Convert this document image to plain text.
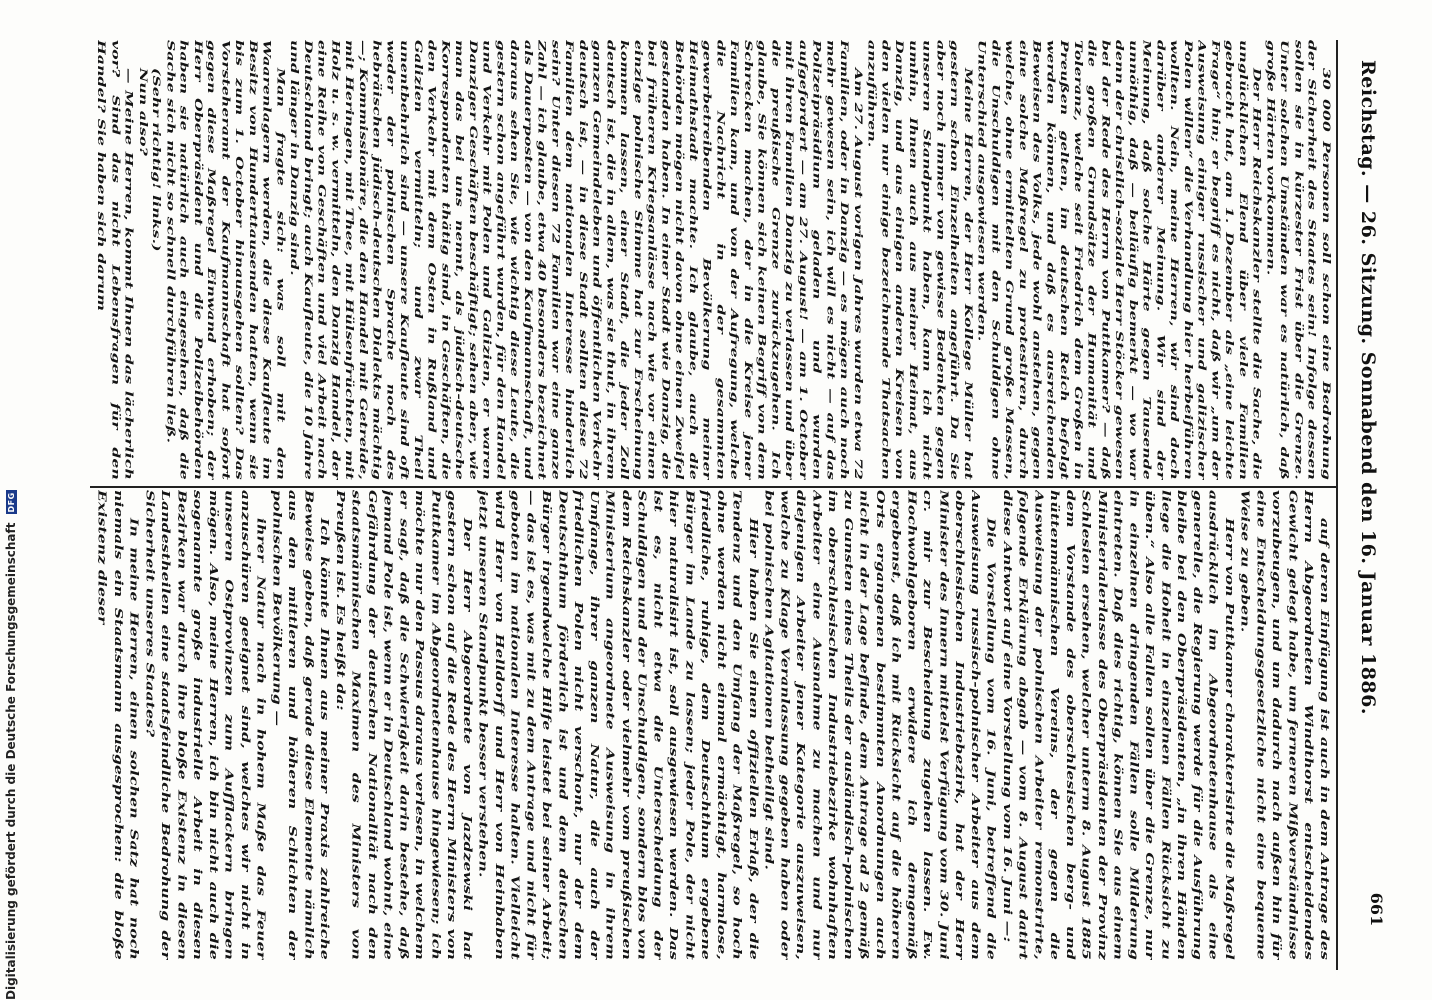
Digitalisierung gefördert durch die Deutsche Forschungsgemeinschaft DFG	Reichstag. — 26. Sitzung. Sonnabend den 16. Januar 1886.
661

auf deren Einfügung ist auch in dem Antrage des Herrn Abgeordneten Windthorst entscheidendes Gewicht gelegt habe, um ferneren Mißverständnisse vorzubeugen, und um dadurch nach außen hin für eine Entscheidungsgesetzliche nicht eine bequeme Weise zu geben.

Herr von Puttkamer charakterisirte die Maßregel ausdrücklich im Abgeordnetenhause als eine generelle, die Regierung werde für die Ausführung bleibe bei den Oberpräsidenten, „in ihren Händen liege die Hoheit in einzelnen Fällen Rücksicht zu üben.“ Also alle Fallen sollen über die Grenze, nur in einzelnen dringenden Fällen solle Milderung eintreten. Daß dies richtig, können Sie aus einem Ministerialerlasse des Oberpräsidenten der Provinz Schlesien ersehen, welcher unterm 8. August 1885 dem Vorstande des oberschlesischen berg- und hüttenmännischen Vereins, der gegen die Ausweisung der polnischen Arbeiter remonstrirte, folgende Erklärung abgab — vom 8. August datirt diese Antwort auf eine Vorstellung vom 16. Juni —:

Die Vorstellung vom 16. Juni, betreffend die Ausweisung russisch-polnischer Arbeiter aus dem oberschlesischen Industriebezirk, hat der Herr Minister des Innern mittelst Verfügung vom 30. Juni cr. mir zur Bescheidung zugehen lassen. Ew. Hochwohlgeboren erwidere ich demgemäß ergebenst, daß ich mit Rücksicht auf die höheren Orts ergangenen bestimmten Anordnungen auch nicht in der Lage befinde, dem Antrage ad 2 gemäß zu Gunsten eines Theils der ausländisch-polnischen im oberschlesischen Industriebezirke wohnhaften Arbeiter eine Ausnahme zu machen und nur diejenigen Arbeiter jener Kategorie auszuweisen, welche zu Klage Veranlassung gegeben haben oder bei polnischen Agitationen betheiligt sind.

Hier haben Sie einen offiziellen Erlaß, der die Tendenz und den Umfang der Maßregel, so hoch ohne werden nicht einmal ermächtigt, harmlose, friedliche, ruhige, dem Deutschthum ergebene Bürger im Lande zu lassen; jeder Pole, der nicht hier naturalisirt ist, soll ausgewiesen werden. Das ist es, nicht etwa die Unterscheidung der Schuldigen und der Unschuldigen, sondern blos von dem Reichskanzler oder vielmehr vom preußischen Ministerium angeordnete Ausweisung in ihrem Umfange, ihrer ganzen Natur, die auch der friedlichen Polen nicht verschont, nur der dem Deutschthum förderlich ist und dem deutschen Bürger irgendwelche Hilfe leistet bei seiner Arbeit; — das ist es, was mit zu dem Antrage und nicht für geboten im nationalen Interesse halten. Vielleicht wird Herr von Helldorff und Herr von Heinbaben jetzt unseren Standpunkt besser verstehen.

Der Herr Abgeordnete von Jazdzewski hat gestern schon auf die Rede des Herrn Ministers von Puttkamer im Abgeordnetenhause hingewiesen; ich möchte nur den Passus daraus verlesen, in welchem er sagt, daß die Schwierigkeit darin bestehe, daß jemand Pole ist, wenn er in Deutschland wohnt, eine Gefährdung der deutschen Nationalität nach den staatsmännischen Maximen des Ministers von Preußen ist. Es heißt da:

Ich könnte Ihnen aus meiner Praxis zahlreiche Beweise geben, daß gerade diese Elemente nämlich aus den mittleren und höheren Schichten der polnischen Bevölkerung —

ihrer Natur nach in hohem Maße das Feuer anzuschüren geeignet sind, welches wir nicht in unseren Ostprovinzen zum Aufflackern bringen mögen. Also, meine Herren, ich bin nicht auch die sogenannte große industrielle Arbeit in diesen Bezirken war durch ihre bloße Existenz in diesen Landestheilen eine staatsfeindliche Bedrohung der Sicherheit unseres Staates?

In meine Herren, einen solchen Satz hat noch niemals ein Staatsmann ausgesprochen: die bloße Existenz dieser

30 000 Personen soll schon eine Bedrohung der Sicherheit des Staates sein! Infolge dessen sollen sie in kürzester Frist über die Grenze. Unter solchen Umständen war es natürlich, daß große Härten vorkommen.

Der Herr Reichskanzler stellte die Sache, die unglücklichen Elend über viele Familien gebracht hat, am 1. Dezember als „eine leichte Frage“ hin; er begriff es nicht, daß wir „um der Ausweisung einiger russischer und galizischer Polen willen“ die Verhandlung hier herbeiführen wollten. Nein, meine Herren, wir sind doch darüber anderer Meinung. Wir sind der Meinung, daß solche Härte gegen Tausende unnöthig, daß — beiläufig bemerkt — wo war denn der christlich-soziale Herr Stöcker gewesen bei der Rede des Herrn von Puttkamer? — daß die großen Grundsätze der Humanität und Toleranz, welche seit Friedrich dem Großen in Preußen gelten, im deutschen Reich befolgt werden können, und daß es ausreichenden Beweisen des Volks, jede wohl anstehen, gegen eine solche Maßregel zu protestiren, durch welche, ohne ermittelten Grund große Massen, die Unschuldigen mit den Schuldigen ohne Unterschied ausgewiesen werden.

Meine Herren, der Herr Kollege Müller hat gestern schon Einzelheiten angeführt. Da Sie aber noch immer von gewisse Bedenken gegen unseren Standpunkt haben, kann ich nicht umhin, Ihnen auch aus meiner Heimat, aus Danzig, und aus einigen anderen Kreisen von den vielen nur einige bezeichnende Thatsachen anzuführen.

Am 27. August vorigen Jahres wurden etwa 72 Familien, oder in Danzig — es mögen auch noch mehr gewesen sein, ich will es nicht — auf das Polizeipräsidium geladen und wurden aufgefordert — am 27. August! — am 1. October mit ihren Familien Danzig zu verlassen und über die preußische Grenze zurückzugehen. Ich glaube, Sie können sich keinen Begriff von dem Schrecken machen, der in die Kreise jener Familien kam, und von der Aufregung, welche die Nachricht in der gesammten gewerbetreibenden Bevölkerung meiner Heimathstadt machte. Ich glaube, auch die Behörden mögen nicht davon ohne einen Zweifel gestanden haben. In einer Stadt wie Danzig, die bei früheren Kriegsanlässe nach wie vor einen einzige polnische Stimme hat zur Erscheinung kommen lassen, einer Stadt, die jeder Zoll deutsch ist, die in allem, was sie thut, in ihrem ganzen Gemeindeleben und öffentlichen Verkehr deutsch ist, — in diese Stadt sollten diese 72 Familien dem nationalen Interesse hinderlich sein? Unter diesen 72 Familien war eine ganze Zahl — ich glaube, etwa 40 besonders bezeichnet als Dauerposten — von den Kaufmannschaft, und daraus sehen Sie, wie wichtig diese Leute, die gestern schon angeführt wurden, für den Handel und Verkehr mit Polen und Galizien, er waren Danziger Geschäften beschäftigt; sehen aber, wie man das bei uns nennt, als jüdisch-deutsche Korrespondenten thätig sind, in Geschäften, die den Verkehr mit dem Osten in Rußland und Galizien vermitteln; und zwar Theil unentbehrlich sind — unsere Kaufleute sind oft weder der polnischen Sprache noch des hebräischen jüdisch-deutschen Dialekts mächtig —; Kommissionäre, die den Handel mit Getreide, mit Heringen, mit Thee, mit Hülsenfrüchten, mit Holz u. s. w. vermitteln, den Danzig Handel, der eine Reihe von Geschäften und viel Arbeit nach Deutschland bringt; auch Kaufleute, die 10 Jahre und länger in Danzig sind.

Man fragte sich: was soll mit den Waarenlagern werden, die diese Kaufleute im Besitz von Hunderttausenden hatten, wenn sie bis zum 1. October hinausgehen sollten? Das Vorsteheramt der Kaufmannschaft hat sofort gegen diese Maßregel Einwand erhoben; der Herr Oberpräsident und die Polizeibehörden haben sie natürlich auch eingesehen, daß die Sache sich nicht so schnell durchführen ließ.

(Sehr richtig! links.)

Nun also?

— Meine Herren, kommt Ihnen das lächerlich vor? Sind das nicht Lebensfragen für den Handel? Sie haben sich darum
